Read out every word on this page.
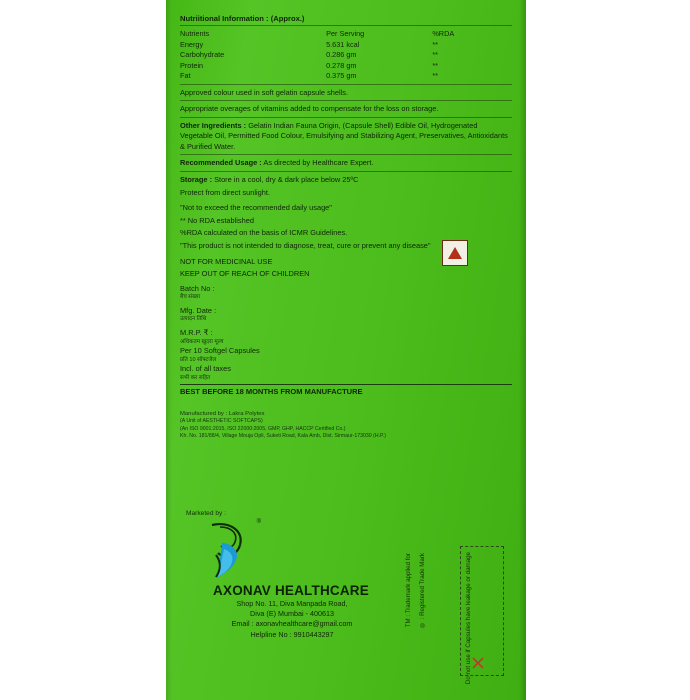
Nutriitional Information : (Approx.)
Nutrients	Per Serving	%RDA
Energy	5.631 kcal	**
Carbohydrate	0.286 gm	**
Protein	0.278 gm	**
Fat	0.375 gm	**
Approved colour used in soft gelatin capsule shells.
Appropriate overages of vitamins added to compensate for the loss on storage.
Other Ingredients : Gelatin Indian Fauna Origin, (Capsule Shell) Edible Oil, Hydrogenated Vegetable Oil, Permitted Food Colour, Emulsifying and Stabilizing Agent, Preservatives, Antioxidants & Purified Water.
Recommended Usage : As directed by Healthcare Expert.
Storage : Store in a cool, dry & dark place below 25ºC
Protect from direct sunlight.
"Not to exceed the recommended daily usage"
** No RDA established
%RDA calculated on the basis of ICMR Guidelines.
"This product is not intended to diagnose, treat, cure or prevent any disease"
NOT FOR MEDICINAL USE
KEEP OUT OF REACH OF CHILDREN
Batch No :
बैच संख्या
Mfg. Date :
उत्पादन तिथि
M.R.P. ₹ :
अधिकतम खुदरा मूल्य
Per 10 Softgel Capsules
प्रति 10 सॉफ्टजेल
Incl. of all taxes
सभी कर सहित
BEST BEFORE 18 MONTHS FROM MANUFACTURE
Manufactured by : Lakra Polytex
(A Unit of AESTHETIC SOFTCAPS)
(An ISO 9001:2015, ISO 22000:2005, GMP, GHP, HACCP Certified Co.)
Kh. No. 181/88/4, Village Mouja Opli, Suketi Road, Kala Amb, Dist. Sirmaur-173030 (H.P.)
Marketed by :
®
AXONAV HEALTHCARE
Shop No. 11, Diva Manpada Road,
Diva (E) Mumbai - 400613
Email : axonavhealthcare@gmail.com
Helpline No : 9910443297
TM : Trademark applied for ® : Registered Trade Mark	Do not use if Capsules have leakage or damage
